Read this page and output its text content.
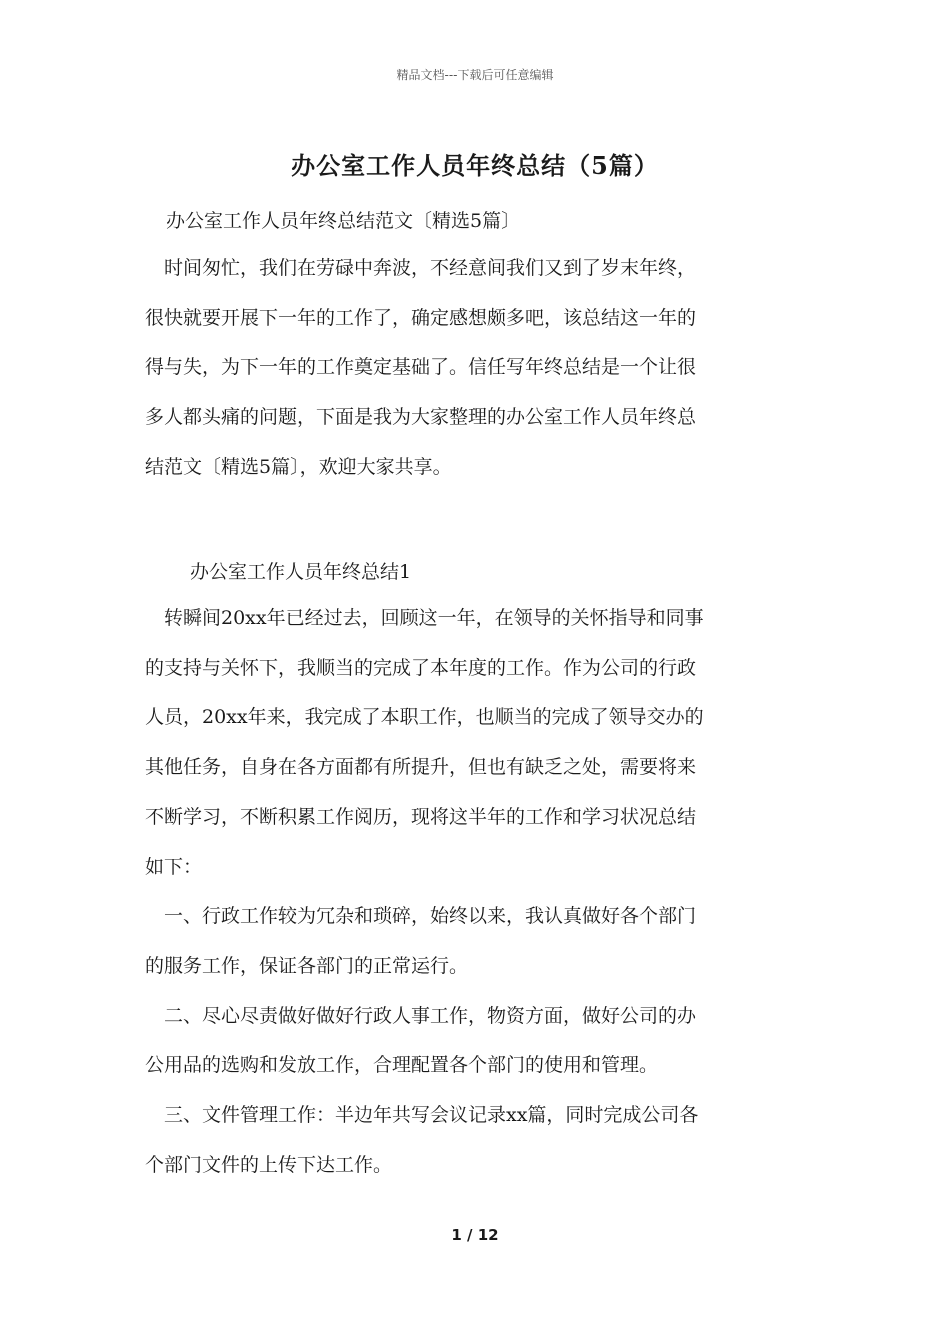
精品文档---下载后可任意编辑
办公室工作人员年终总结（5篇）
办公室工作人员年终总结范文〔精选5篇〕
　时间匆忙，我们在劳碌中奔波，不经意间我们又到了岁末年终，
很快就要开展下一年的工作了，确定感想颇多吧，该总结这一年的
得与失，为下一年的工作奠定基础了。信任写年终总结是一个让很
多人都头痛的问题，下面是我为大家整理的办公室工作人员年终总
结范文〔精选5篇〕，欢迎大家共享。
办公室工作人员年终总结1
　转瞬间20xx年已经过去，回顾这一年，在领导的关怀指导和同事
的支持与关怀下，我顺当的完成了本年度的工作。作为公司的行政
人员，20xx年来，我完成了本职工作，也顺当的完成了领导交办的
其他任务，自身在各方面都有所提升，但也有缺乏之处，需要将来
不断学习，不断积累工作阅历，现将这半年的工作和学习状况总结
如下：
　一、行政工作较为冗杂和琐碎，始终以来，我认真做好各个部门
的服务工作，保证各部门的正常运行。
　二、尽心尽责做好做好行政人事工作，物资方面，做好公司的办
公用品的选购和发放工作，合理配置各个部门的使用和管理。
　三、文件管理工作：半边年共写会议记录xx篇，同时完成公司各
个部门文件的上传下达工作。
1 / 12
